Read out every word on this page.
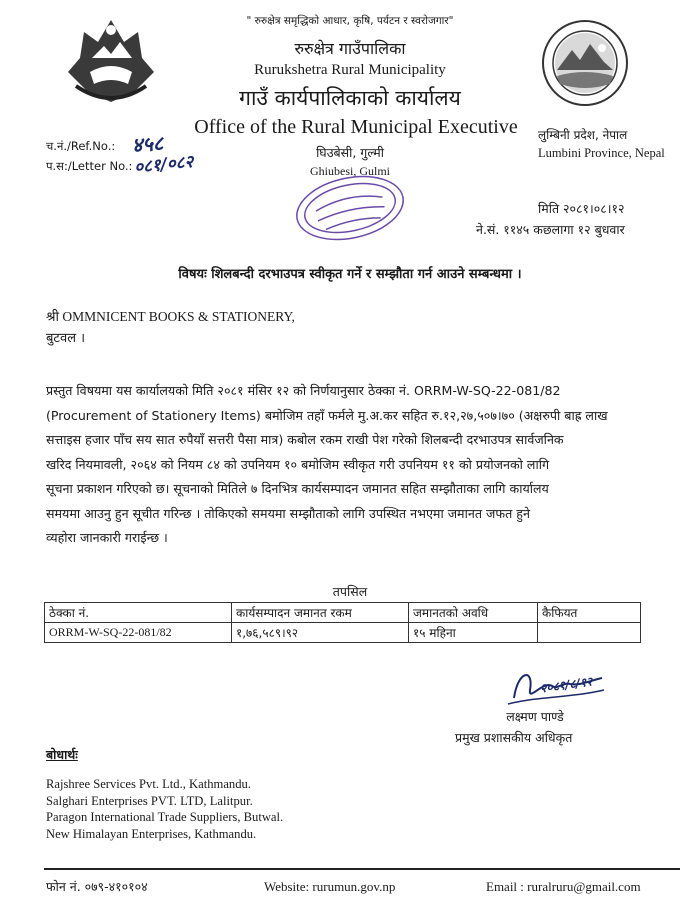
" रुरुक्षेत्र समृद्धिको आधार, कृषि, पर्यटन र स्वरोजगार"
रुरुक्षेत्र गाउँपालिका
Rurukshetra Rural Municipality
गाउँ कार्यपालिकाको कार्यालय
Office of the Rural Municipal Executive
घिउबेसी, गुल्मी
Ghiubesi, Gulmi
लुम्बिनी प्रदेश, नेपाल
Lumbini Province, Nepal
च.नं./Ref.No.: ४५८
प.स:/Letter No.: ०८१/०८२
मिति २०८१।०८।१२
ने.सं. ११४५ कछलागा १२ बुधवार
विषयः शिलबन्दी दरभाउपत्र स्वीकृत गर्ने र सम्झौता गर्न आउने सम्बन्धमा ।
श्री OMMNICENT BOOKS & STATIONERY,
बुटवल ।
प्रस्तुत विषयमा यस कार्यालयको मिति २०८१ मंसिर १२ को निर्णयानुसार ठेक्का नं. ORRM-W-SQ-22-081/82
(Procurement of Stationery Items) बमोजिम तहाँ फर्मले मु.अ.कर सहित रु.१२,२७,५०७।७० (अक्षरुपी बाह्र लाख
सत्ताइस हजार पाँच सय सात रुपैयाँ सत्तरी पैसा मात्र) कबोल रकम राखी पेश गरेको शिलबन्दी दरभाउपत्र सार्वजनिक
खरिद नियमावली, २०६४ को नियम ८४ को उपनियम १० बमोजिम स्वीकृत गरी उपनियम ११ को प्रयोजनको लागि
सूचना प्रकाशन गरिएको छ। सूचनाको मितिले ७ दिनभित्र कार्यसम्पादन जमानत सहित सम्झौताका लागि कार्यालय
समयमा आउनु हुन सूचीत गरिन्छ । तोकिएको समयमा सम्झौताको लागि उपस्थित नभएमा जमानत जफत हुने
व्यहोरा जानकारी गराईन्छ ।
तपसिल
ठेक्का नं.	कार्यसम्पादन जमानत रकम	जमानतको अवधि	कैफियत
ORRM-W-SQ-22-081/82	१,७६,५८९।९२	१५ महिना	
२०८१/८/१२
लक्ष्मण पाण्डे
प्रमुख प्रशासकीय अधिकृत
बोधार्थः
Rajshree Services Pvt. Ltd., Kathmandu.
Salghari Enterprises PVT. LTD, Lalitpur.
Paragon International Trade Suppliers, Butwal.
New Himalayan Enterprises, Kathmandu.
फोन नं. ०७९-४१०१०४	Website: rurumun.gov.np	Email : ruralruru@gmail.com
